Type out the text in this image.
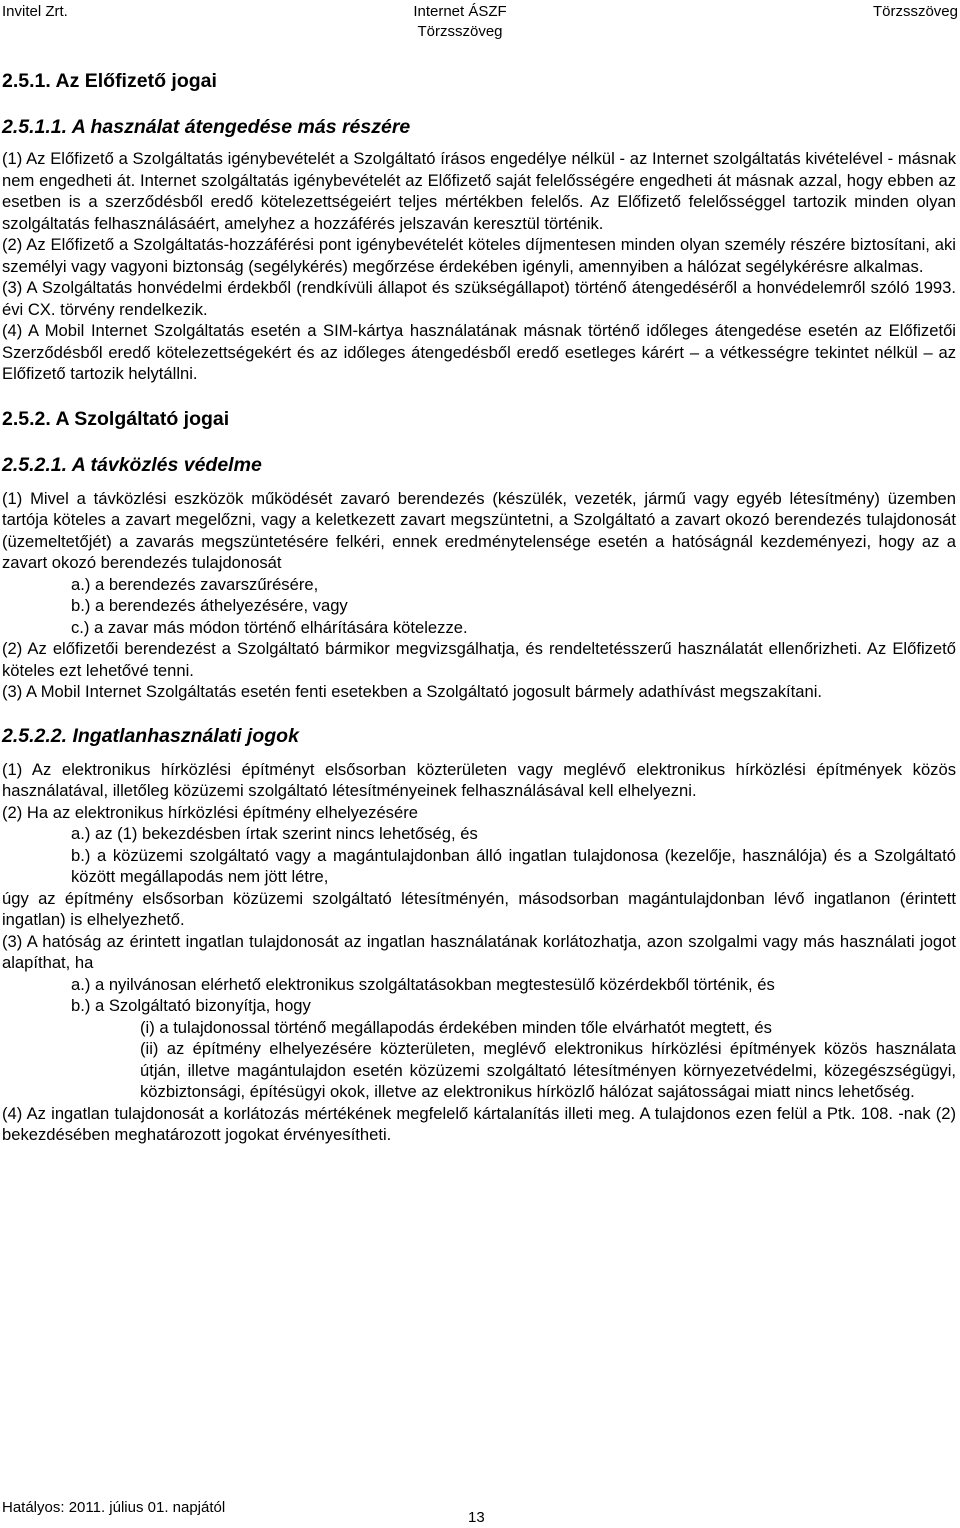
Invitel Zrt.	Internet ÁSZF
Törzsszöveg
Törzsszöveg
2.5.1. Az Előfizető jogai
2.5.1.1. A használat átengedése más részére

(1) Az Előfizető a Szolgáltatás igénybevételét a Szolgáltató írásos engedélye nélkül - az Internet szolgáltatás kivételével - másnak nem engedheti át. Internet szolgáltatás igénybevételét az Előfizető saját felelősségére engedheti át másnak azzal, hogy ebben az esetben is a szerződésből eredő kötelezettségeiért teljes mértékben felelős. Az Előfizető felelősséggel tartozik minden olyan szolgáltatás felhasználásáért, amelyhez a hozzáférés jelszaván keresztül történik.

(2) Az Előfizető a Szolgáltatás-hozzáférési pont igénybevételét köteles díjmentesen minden olyan személy részére biztosítani, aki személyi vagy vagyoni biztonság (segélykérés) megőrzése érdekében igényli, amennyiben a hálózat segélykérésre alkalmas.

(3) A Szolgáltatás honvédelmi érdekből (rendkívüli állapot és szükségállapot) történő átengedéséről a honvédelemről szóló 1993. évi CX. törvény rendelkezik.

(4) A Mobil Internet Szolgáltatás esetén a SIM-kártya használatának másnak történő időleges átengedése esetén az Előfizetői Szerződésből eredő kötelezettségekért és az időleges átengedésből eredő esetleges kárért – a vétkességre tekintet nélkül – az Előfizető tartozik helytállni.

2.5.2. A Szolgáltató jogai
2.5.2.1. A távközlés védelme

(1) Mivel a távközlési eszközök működését zavaró berendezés (készülék, vezeték, jármű vagy egyéb létesítmény) üzemben tartója köteles a zavart megelőzni, vagy a keletkezett zavart megszüntetni, a Szolgáltató a zavart okozó berendezés tulajdonosát (üzemeltetőjét) a zavarás megszüntetésére felkéri, ennek eredménytelensége esetén a hatóságnál kezdeményezi, hogy az a zavart okozó berendezés tulajdonosát

a.) a berendezés zavarszűrésére,

b.) a berendezés áthelyezésére, vagy

c.) a zavar más módon történő elhárítására kötelezze.

(2) Az előfizetői berendezést a Szolgáltató bármikor megvizsgálhatja, és rendeltetésszerű használatát ellenőrizheti. Az Előfizető köteles ezt lehetővé tenni.

(3) A Mobil Internet Szolgáltatás esetén fenti esetekben a Szolgáltató jogosult bármely adathívást megszakítani.

2.5.2.2. Ingatlanhasználati jogok

(1) Az elektronikus hírközlési építményt elsősorban közterületen vagy meglévő elektronikus hírközlési építmények közös használatával, illetőleg közüzemi szolgáltató létesítményeinek felhasználásával kell elhelyezni.

(2) Ha az elektronikus hírközlési építmény elhelyezésére

a.) az (1) bekezdésben írtak szerint nincs lehetőség, és

b.) a közüzemi szolgáltató vagy a magántulajdonban álló ingatlan tulajdonosa (kezelője, használója) és a Szolgáltató között megállapodás nem jött létre,

úgy az építmény elsősorban közüzemi szolgáltató létesítményén, másodsorban magántulajdonban lévő ingatlanon (érintett ingatlan) is elhelyezhető.

(3) A hatóság az érintett ingatlan tulajdonosát az ingatlan használatának korlátozhatja, azon szolgalmi vagy más használati jogot alapíthat, ha

a.) a nyilvánosan elérhető elektronikus szolgáltatásokban megtestesülő közérdekből történik, és

b.) a Szolgáltató bizonyítja, hogy

(i) a tulajdonossal történő megállapodás érdekében minden tőle elvárhatót megtett, és

(ii) az építmény elhelyezésére közterületen, meglévő elektronikus hírközlési építmények közös használata útján, illetve magántulajdon esetén közüzemi szolgáltató létesítményen környezetvédelmi, közegészségügyi, közbiztonsági, építésügyi okok, illetve az elektronikus hírközlő hálózat sajátosságai miatt nincs lehetőség.

(4) Az ingatlan tulajdonosát a korlátozás mértékének megfelelő kártalanítás illeti meg. A tulajdonos ezen felül a Ptk. 108. -nak (2) bekezdésében meghatározott jogokat érvényesítheti.

Hatályos: 2011. július 01. napjától
13
